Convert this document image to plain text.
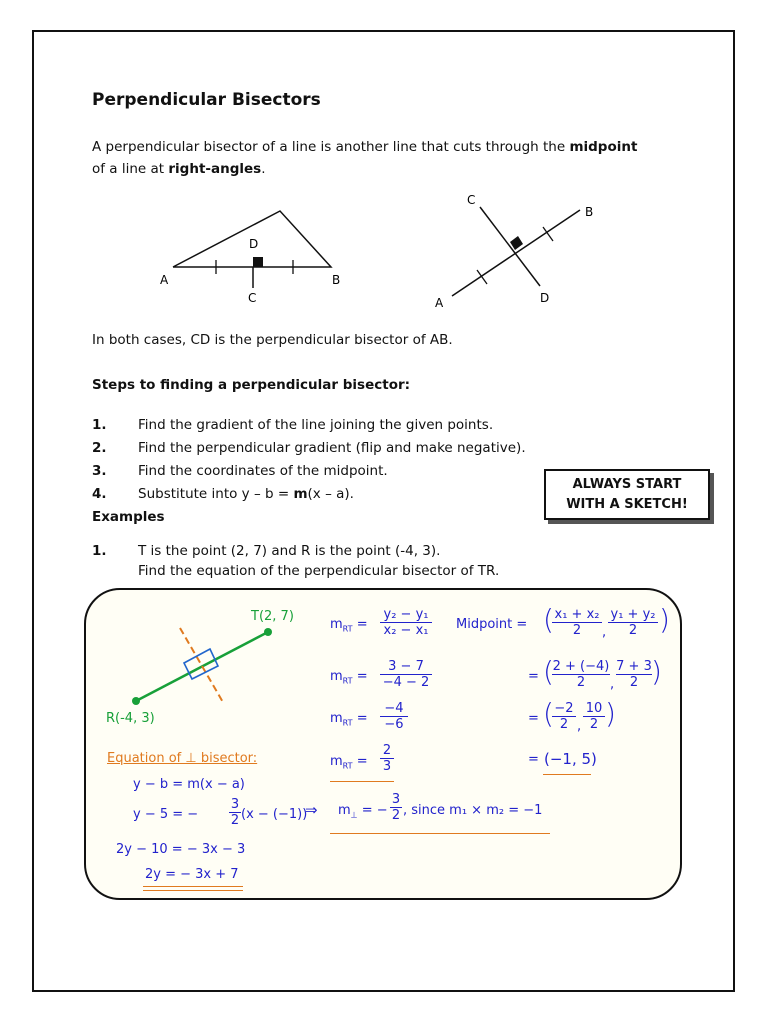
Perpendicular Bisectors
A perpendicular bisector of a line is another line that cuts through the midpoint
of a line at right-angles.
A	B
D
C
C
B
A	D
In both cases, CD is the perpendicular bisector of AB.
Steps to finding a perpendicular bisector:
1. Find the gradient of the line joining the given points.
2. Find the perpendicular gradient (flip and make negative).
3. Find the coordinates of the midpoint.
4. Substitute into y – b = m(x – a).
ALWAYS START
WITH A SKETCH!
Examples
1. T is the point (2, 7) and R is the point (-4, 3).
Find the equation of the perpendicular bisector of TR.
T(2, 7)
R(-4, 3)
Equation of ⊥ bisector:
$m_{RT}$ =
y₂ − y₁
x₂ − x₁
$m_{RT}$ =
3 − 7
−4 − 2
$m_{RT}$ =
−4
−6
$m_{RT}$ =
2
3
Midpoint = ( x₁ + x₂
2	,
y₁ + y₂
2 )
= (
2 + (−4)
2	,
7 + 3
2 )
= ( −2
2 ,
10
2 )
= (−1, 5)
⇒ $m_\perp$ = −
3
2 , since m₁ × m₂ = −1
y − b = m(x − a)
y − 5 = −
3
2 (x − (−1))
2y − 10 = − 3x − 3
2y = − 3x + 7
